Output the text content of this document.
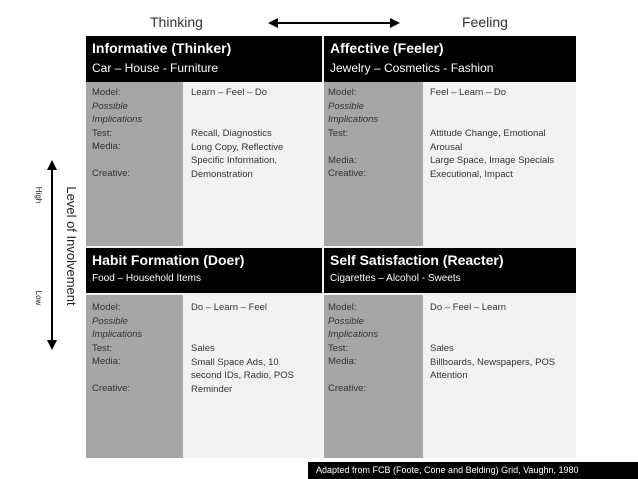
Thinking	Feeling
Level of Involvement
High
Low
Informative (Thinker)
Car – House - Furniture
Model:
Possible
Implications
Test:
Media:

Creative:
Learn – Feel – Do
Recall, Diagnostics
Long Copy, Reflective
Specific Information,
Demonstration
Affective (Feeler)
Jewelry – Cosmetics - Fashion
Model:
Possible
Implications
Test:

Media:
Creative:
Feel – Learn – Do
Attitude Change, Emotional
Arousal
Large Space, Image Specials
Executional, Impact
Habit Formation (Doer)
Food – Household Items
Model:
Possible
Implications
Test:
Media:

Creative:
Do – Learn – Feel
Sales
Small Space Ads, 10
second IDs, Radio, POS
Reminder
Self Satisfaction (Reacter)
Cigarettes – Alcohol - Sweets
Model:
Possible
Implications
Test:
Media:

Creative:
Do – Feel – Learn
Sales
Billboards, Newspapers, POS
Attention
Adapted from FCB (Foote, Cone and Belding) Grid, Vaughn, 1980
